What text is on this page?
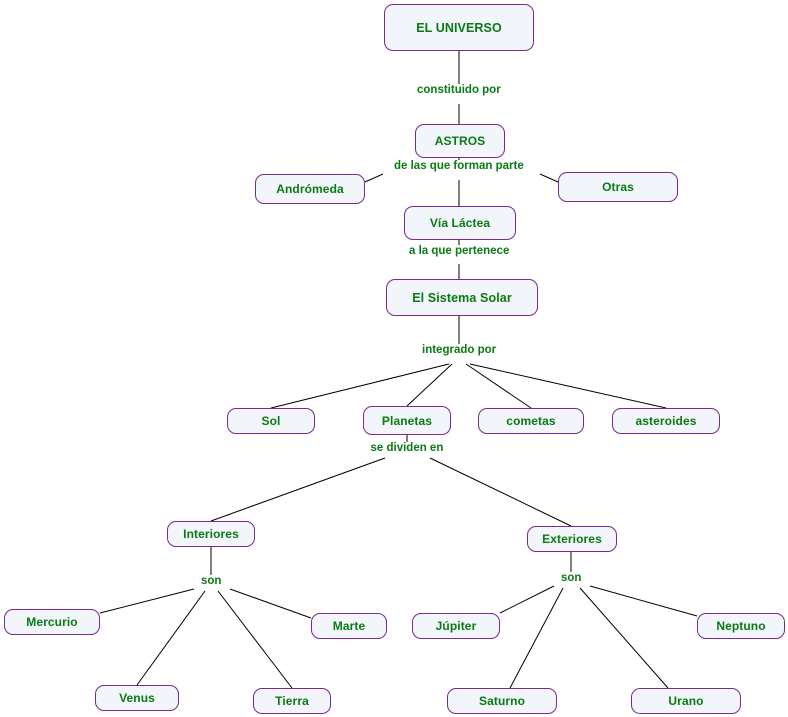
EL UNIVERSO
ASTROS
Andrómeda	Otras
Vía Láctea
El Sistema Solar
Sol	Planetas	cometas	asteroides
Interiores	Exteriores
Mercurio	Marte
Venus	Tierra
Júpiter	Neptuno
Saturno	Urano
constituido por
de las que forman parte
a la que pertenece
integrado por
se dividen en
son	son
